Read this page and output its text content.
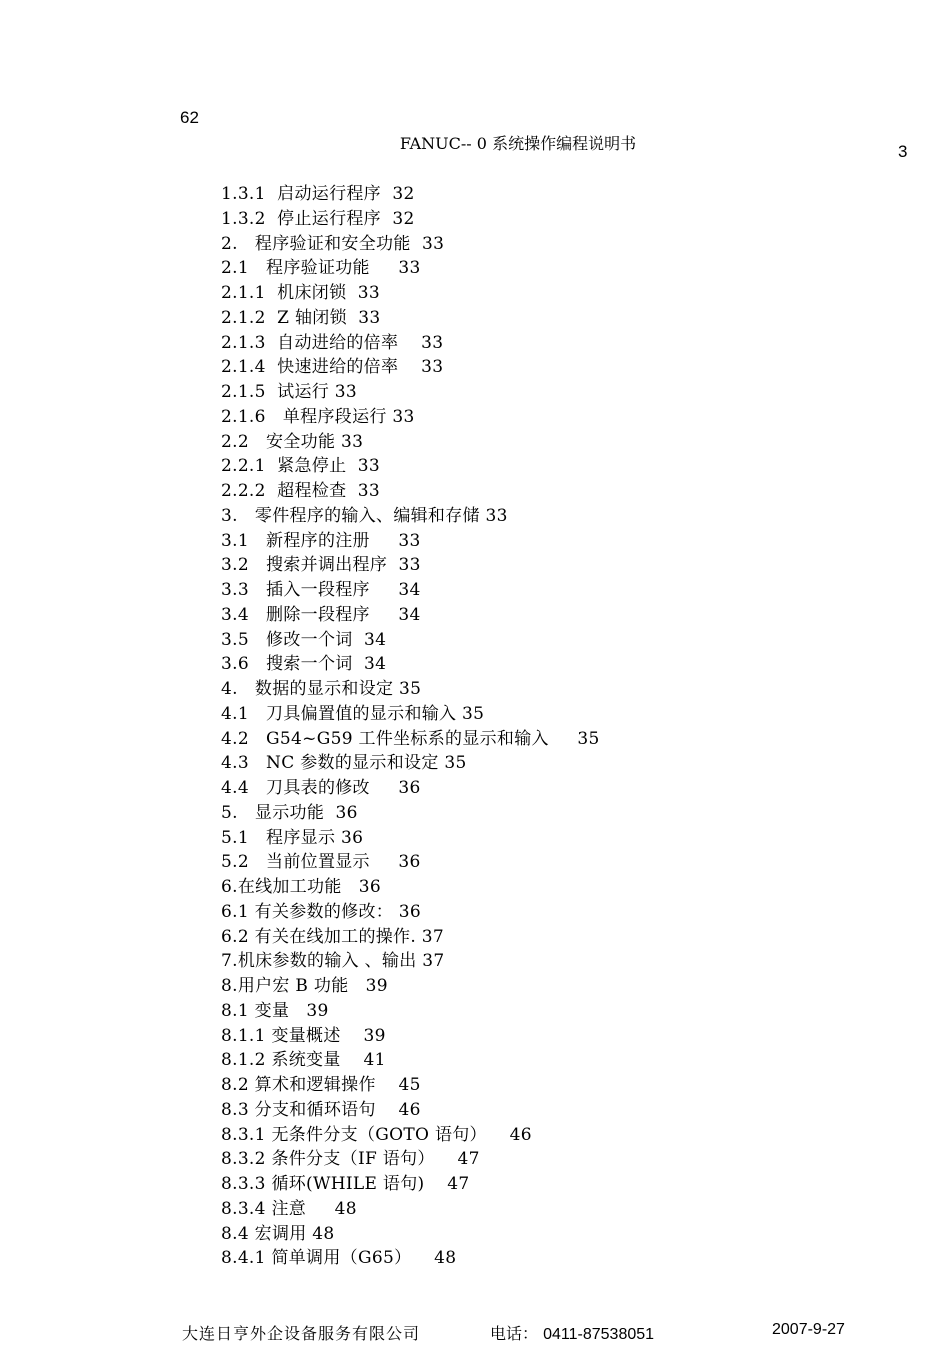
62
3
FANUC-- 0 系统操作编程说明书
1.3.1  启动运行程序  32
1.3.2  停止运行程序  32
2.   程序验证和安全功能  33
2.1   程序验证功能     33
2.1.1  机床闭锁  33
2.1.2  Z 轴闭锁  33
2.1.3  自动进给的倍率    33
2.1.4  快速进给的倍率    33
2.1.5  试运行 33
2.1.6   单程序段运行 33
2.2   安全功能 33
2.2.1  紧急停止  33
2.2.2  超程检查  33
3.   零件程序的输入、编辑和存储 33
3.1   新程序的注册     33
3.2   搜索并调出程序  33
3.3   插入一段程序     34
3.4   删除一段程序     34
3.5   修改一个词  34
3.6   搜索一个词  34
4.   数据的显示和设定 35
4.1   刀具偏置值的显示和输入 35
4.2   G54~G59 工件坐标系的显示和输入     35
4.3   NC 参数的显示和设定 35
4.4   刀具表的修改     36
5.   显示功能  36
5.1   程序显示 36
5.2   当前位置显示     36
6.在线加工功能   36
6.1 有关参数的修改： 36
6.2 有关在线加工的操作. 37
7.机床参数的输入 、输出 37
8.用户宏 B 功能   39
8.1 变量   39
8.1.1 变量概述    39
8.1.2 系统变量    41
8.2 算术和逻辑操作    45
8.3 分支和循环语句    46
8.3.1 无条件分支（GOTO 语句）    46
8.3.2 条件分支（IF 语句）    47
8.3.3 循环(WHILE 语句)    47
8.3.4 注意     48
8.4 宏调用 48
8.4.1 简单调用（G65）    48
大连日亨外企设备服务有限公司	电话： 0411-87538051	2007-9-27
